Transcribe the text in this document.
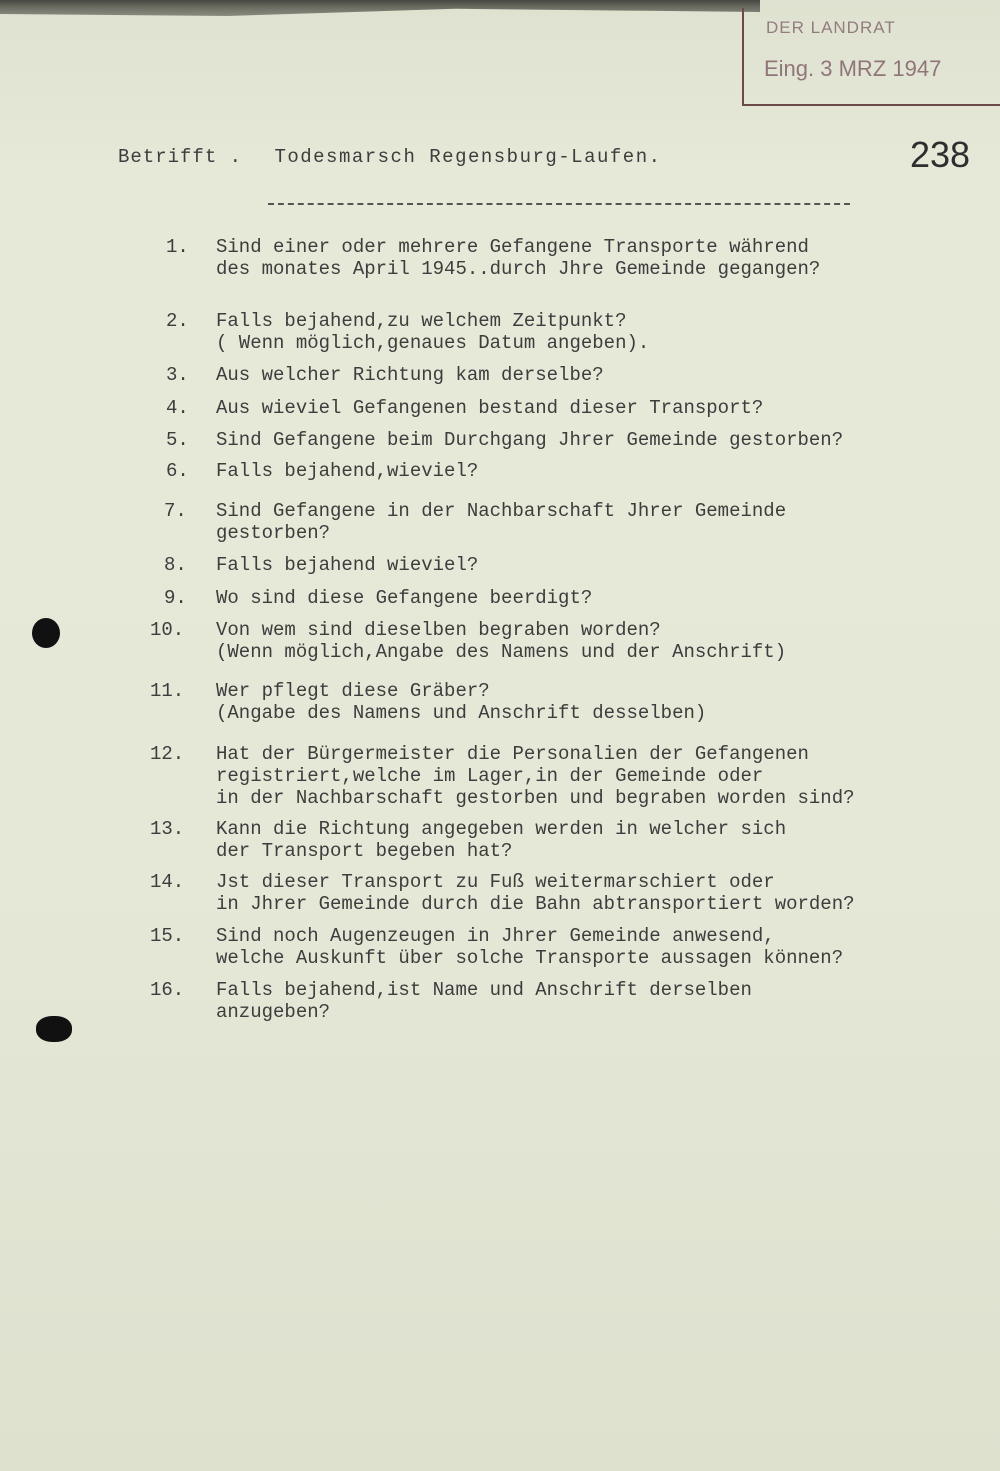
DER LANDRAT
Eing. 3 MRZ 1947
238
Betrifft . Todesmarsch Regensburg-Laufen.
1.	Sind einer oder mehrere Gefangene Transporte während
des monates April 1945..durch Jhre Gemeinde gegangen?
2.	Falls bejahend,zu welchem Zeitpunkt?
( Wenn möglich,genaues Datum angeben).
3.	Aus welcher Richtung kam derselbe?
4.	Aus wieviel Gefangenen bestand dieser Transport?
5.	Sind Gefangene beim Durchgang Jhrer Gemeinde gestorben?
6.	Falls bejahend,wieviel?
7.	Sind Gefangene in der Nachbarschaft Jhrer Gemeinde
gestorben?
8.	Falls bejahend wieviel?
9.	Wo sind diese Gefangene beerdigt?
10.	Von wem sind dieselben begraben worden?
(Wenn möglich,Angabe des Namens und der Anschrift)
11.	Wer pflegt diese Gräber?
(Angabe des Namens und Anschrift desselben)
12.	Hat der Bürgermeister die Personalien der Gefangenen
registriert,welche im Lager,in der Gemeinde oder
in der Nachbarschaft gestorben und begraben worden sind?
13.	Kann die Richtung angegeben werden in welcher sich
der Transport begeben hat?
14.	Jst dieser Transport zu Fuß weitermarschiert oder
in Jhrer Gemeinde durch die Bahn abtransportiert worden?
15.	Sind noch Augenzeugen in Jhrer Gemeinde anwesend,
welche Auskunft über solche Transporte aussagen können?
16.	Falls bejahend,ist Name und Anschrift derselben
anzugeben?
